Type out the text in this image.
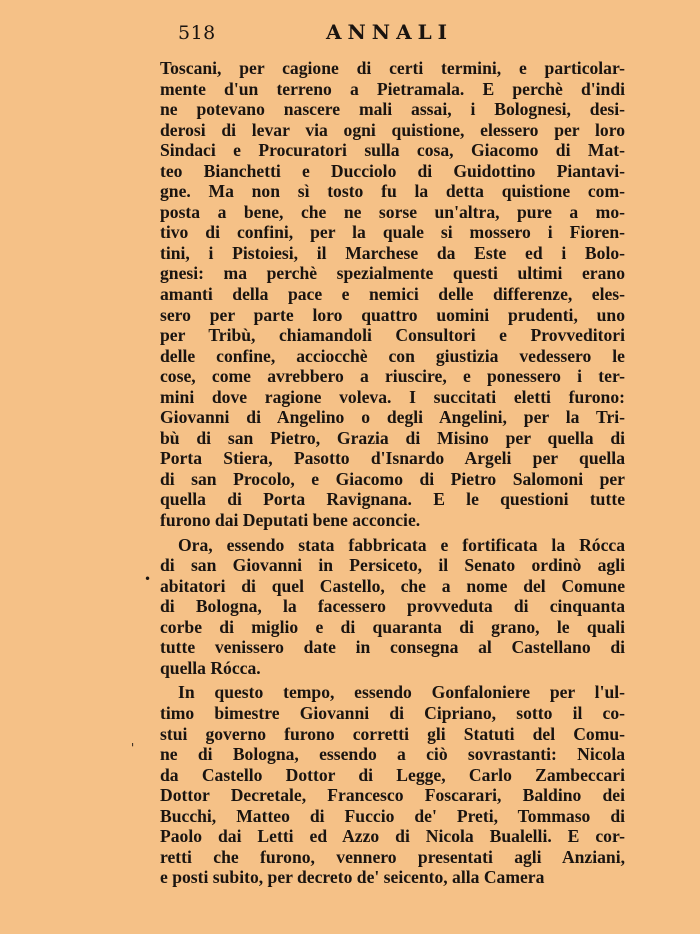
518	ANNALI
•
'
Toscani, per cagione di certi termini, e particolar-
mente d'un terreno a Pietramala. E perchè d'indi
ne potevano nascere mali assai, i Bolognesi, desi-
derosi di levar via ogni quistione, elessero per loro
Sindaci e Procuratori sulla cosa, Giacomo di Mat-
teo Bianchetti e Ducciolo di Guidottino Piantavi-
gne. Ma non sì tosto fu la detta quistione com-
posta a bene, che ne sorse un'altra, pure a mo-
tivo di confini, per la quale si mossero i Fioren-
tini, i Pistoiesi, il Marchese da Este ed i Bolo-
gnesi: ma perchè spezialmente questi ultimi erano
amanti della pace e nemici delle differenze, eles-
sero per parte loro quattro uomini prudenti, uno
per Tribù, chiamandoli Consultori e Provveditori
delle confine, acciocchè con giustizia vedessero le
cose, come avrebbero a riuscire, e ponessero i ter-
mini dove ragione voleva. I succitati eletti furono:
Giovanni di Angelino o degli Angelini, per la Tri-
bù di san Pietro, Grazia di Misino per quella di
Porta Stiera, Pasotto d'Isnardo Argeli per quella
di san Procolo, e Giacomo di Pietro Salomoni per
quella di Porta Ravignana. E le questioni tutte
furono dai Deputati bene acconcie.
Ora, essendo stata fabbricata e fortificata la Rócca
di san Giovanni in Persiceto, il Senato ordinò agli
abitatori di quel Castello, che a nome del Comune
di Bologna, la facessero provveduta di cinquanta
corbe di miglio e di quaranta di grano, le quali
tutte venissero date in consegna al Castellano di
quella Rócca.
In questo tempo, essendo Gonfaloniere per l'ul-
timo bimestre Giovanni di Cipriano, sotto il co-
stui governo furono corretti gli Statuti del Comu-
ne di Bologna, essendo a ciò sovrastanti: Nicola
da Castello Dottor di Legge, Carlo Zambeccari
Dottor Decretale, Francesco Foscarari, Baldino dei
Bucchi, Matteo di Fuccio de' Preti, Tommaso di
Paolo dai Letti ed Azzo di Nicola Bualelli. E cor-
retti che furono, vennero presentati agli Anziani,
e posti subito, per decreto de' seicento, alla Camera
